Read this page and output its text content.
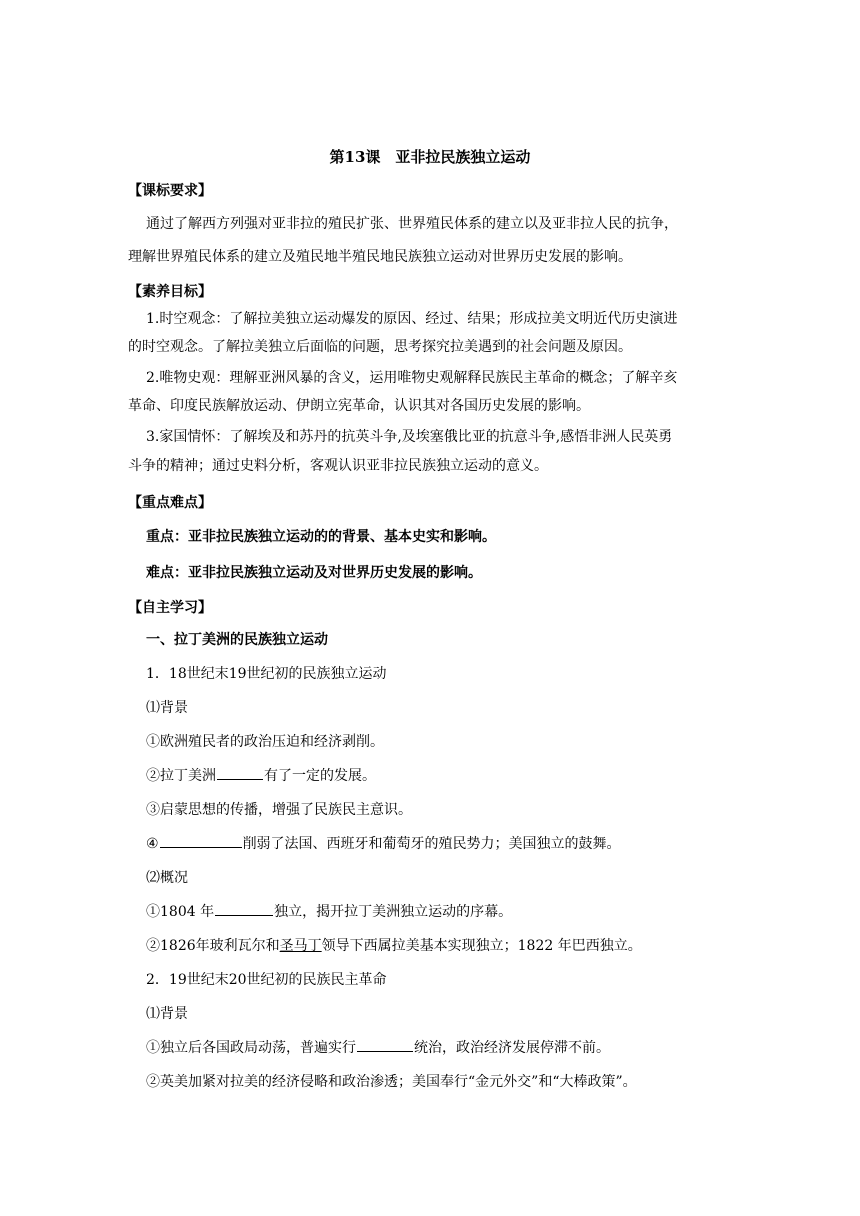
第13课　亚非拉民族独立运动
【课标要求】
通过了解西方列强对亚非拉的殖民扩张、世界殖民体系的建立以及亚非拉人民的抗争，
理解世界殖民体系的建立及殖民地半殖民地民族独立运动对世界历史发展的影响。
【素养目标】
1.时空观念：了解拉美独立运动爆发的原因、经过、结果；形成拉美文明近代历史演进
的时空观念。了解拉美独立后面临的问题，思考探究拉美遇到的社会问题及原因。
2.唯物史观：理解亚洲风暴的含义，运用唯物史观解释民族民主革命的概念；了解辛亥
革命、印度民族解放运动、伊朗立宪革命，认识其对各国历史发展的影响。
3.家国情怀：了解埃及和苏丹的抗英斗争,及埃塞俄比亚的抗意斗争,感悟非洲人民英勇
斗争的精神；通过史料分析，客观认识亚非拉民族独立运动的意义。
【重点难点】
重点：亚非拉民族独立运动的的背景、基本史实和影响。
难点：亚非拉民族独立运动及对世界历史发展的影响。
【自主学习】
一、拉丁美洲的民族独立运动
1．18世纪末19世纪初的民族独立运动
⑴背景
①欧洲殖民者的政治压迫和经济剥削。
②拉丁美洲	有了一定的发展。
③启蒙思想的传播，增强了民族民主意识。
④	削弱了法国、西班牙和葡萄牙的殖民势力；美国独立的鼓舞。
⑵概况
①1804 年	独立，揭开拉丁美洲独立运动的序幕。
②1826年玻利瓦尔和圣马丁领导下西属拉美基本实现独立；1822 年巴西独立。
2．19世纪末20世纪初的民族民主革命
⑴背景
①独立后各国政局动荡，普遍实行	统治，政治经济发展停滞不前。
②英美加紧对拉美的经济侵略和政治渗透；美国奉行“金元外交”和“大棒政策”。
